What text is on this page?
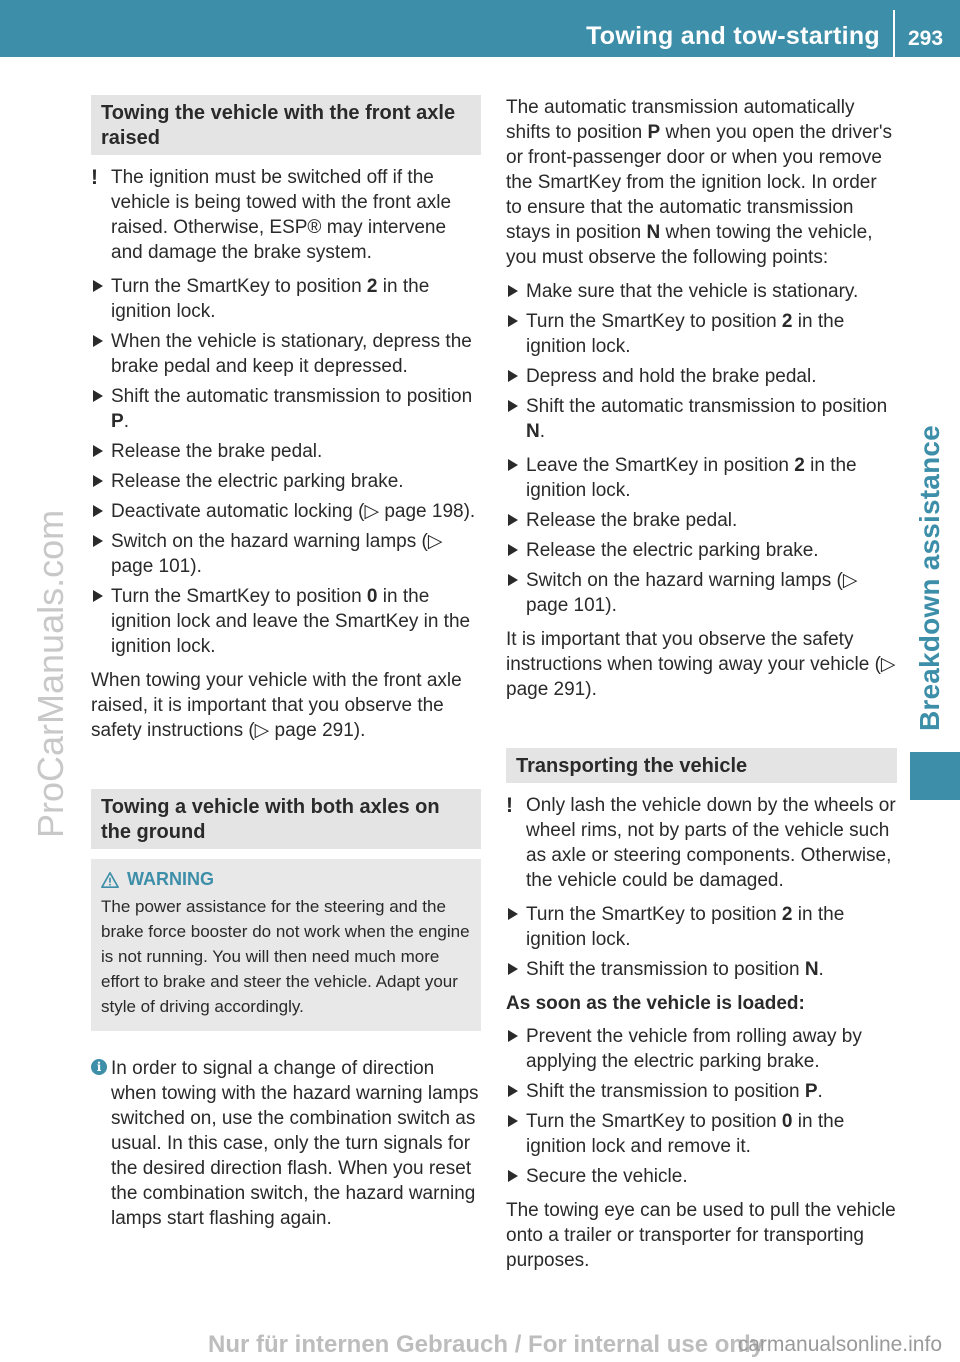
Towing and tow-starting 293
Breakdown assistance
ProCarManuals.com
Towing the vehicle with the front axle raised
! The ignition must be switched off if the vehicle is being towed with the front axle raised. Otherwise, ESP® may intervene and damage the brake system.
Turn the SmartKey to position 2 in the ignition lock.
When the vehicle is stationary, depress the brake pedal and keep it depressed.
Shift the automatic transmission to position P.
Release the brake pedal.
Release the electric parking brake.
Deactivate automatic locking (▷ page 198).
Switch on the hazard warning lamps (▷ page 101).
Turn the SmartKey to position 0 in the ignition lock and leave the SmartKey in the ignition lock.

When towing your vehicle with the front axle raised, it is important that you observe the safety instructions (▷ page 291).

Towing a vehicle with both axles on the ground
WARNING
The power assistance for the steering and the brake force booster do not work when the engine is not running. You will then need much more effort to brake and steer the vehicle. Adapt your style of driving accordingly.
i In order to signal a change of direction when towing with the hazard warning lamps switched on, use the combination switch as usual. In this case, only the turn signals for the desired direction flash. When you reset the combination switch, the hazard warning lamps start flashing again.

The automatic transmission automatically shifts to position P when you open the driver's or front-passenger door or when you remove the SmartKey from the ignition lock. In order to ensure that the automatic transmission stays in position N when towing the vehicle, you must observe the following points:

Make sure that the vehicle is stationary.
Turn the SmartKey to position 2 in the ignition lock.
Depress and hold the brake pedal.
Shift the automatic transmission to position N.
Leave the SmartKey in position 2 in the ignition lock.
Release the brake pedal.
Release the electric parking brake.
Switch on the hazard warning lamps (▷ page 101).

It is important that you observe the safety instructions when towing away your vehicle (▷ page 291).

Transporting the vehicle
! Only lash the vehicle down by the wheels or wheel rims, not by parts of the vehicle such as axle or steering components. Otherwise, the vehicle could be damaged.
Turn the SmartKey to position 2 in the ignition lock.
Shift the transmission to position N.
As soon as the vehicle is loaded:
Prevent the vehicle from rolling away by applying the electric parking brake.
Shift the transmission to position P.
Turn the SmartKey to position 0 in the ignition lock and remove it.
Secure the vehicle.

The towing eye can be used to pull the vehicle onto a trailer or transporter for transporting purposes.

Nur für internen Gebrauch / For internal use only
carmanualsonline.info
